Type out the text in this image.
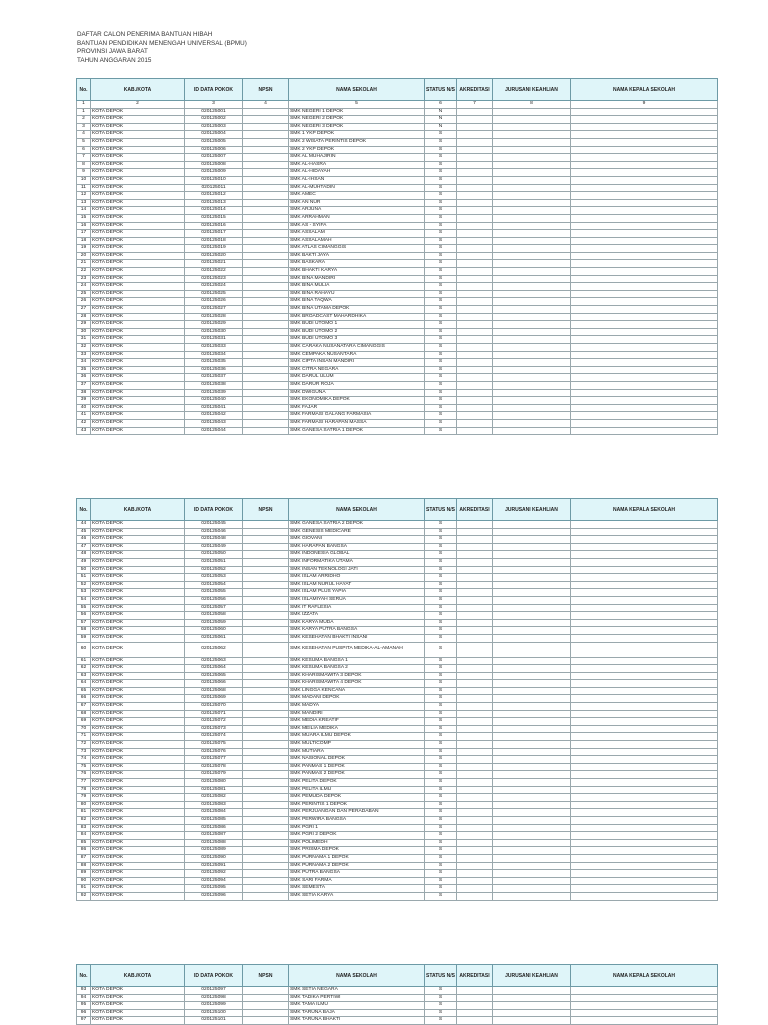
DAFTAR CALON PENERIMA BANTUAN HIBAH
BANTUAN PENDIDIKAN MENENGAH UNIVERSAL (BPMU)
PROVINSI JAWA BARAT
TAHUN ANGGARAN 2015
No.	KAB./KOTA	ID DATA POKOK	NPSN	NAMA SEKOLAH	STATUS N/S	AKREDITASI	JURUSANI KEAHLIAN	NAMA KEPALA SEKOLAH
1	2	3	4	5	6	7	8	9
1	KOTA DEPOK	020125001		SMK NEGERI 1 DEPOK	N			
2	KOTA DEPOK	020125002		SMK NEGERI 2 DEPOK	N			
3	KOTA DEPOK	020125003		SMK NEGERI 3 DEPOK	N			
4	KOTA DEPOK	020125004		SMK 1 YKP DEPOK	S			
5	KOTA DEPOK	020125005		SMK 2 WISATA PERINTIS DEPOK	S			
6	KOTA DEPOK	020125006		SMK 2 YKP DEPOK	S			
7	KOTA DEPOK	020125007		SMK AL MUHAJIRIN	S			
8	KOTA DEPOK	020125008		SMK AL-HASRA	S			
9	KOTA DEPOK	020125009		SMK AL-HIDAYAH	S			
10	KOTA DEPOK	020125010		SMK AL-IHSAN	S			
11	KOTA DEPOK	020125011		SMK AL-MUHTADIN	S			
12	KOTA DEPOK	020125012		SMK AMEC	S			
13	KOTA DEPOK	020125013		SMK AN NUR	S			
14	KOTA DEPOK	020125014		SMK ARJUNA	S			
15	KOTA DEPOK	020125015		SMK ARRAHMAN	S			
16	KOTA DEPOK	020125016		SMK AS - SYIFA	S			
17	KOTA DEPOK	020125017		SMK ASSALAM	S			
18	KOTA DEPOK	020125018		SMK ASSALAMAH	S			
19	KOTA DEPOK	020125019		SMK ATLAS CIMANGGIS	S			
20	KOTA DEPOK	020125020		SMK BAKTI JAYA	S			
21	KOTA DEPOK	020125021		SMK BASKARA	S			
22	KOTA DEPOK	020125022		SMK BHAKTI KARYA	S			
23	KOTA DEPOK	020125023		SMK BINA MANDIRI	S			
24	KOTA DEPOK	020125024		SMK BINA MULIA	S			
25	KOTA DEPOK	020125025		SMK BINA RAHAYU	S			
26	KOTA DEPOK	020125026		SMK BINA TAQWA	S			
27	KOTA DEPOK	020125027		SMK BINA UTAMA DEPOK	S			
28	KOTA DEPOK	020125028		SMK BROADCAST MAHARDHIKA	S			
29	KOTA DEPOK	020125029		SMK BUDI UTOMO 1	S			
30	KOTA DEPOK	020125030		SMK BUDI UTOMO 2	S			
31	KOTA DEPOK	020125031		SMK BUDI UTOMO 3	S			
32	KOTA DEPOK	020125033		SMK CARAKA NUSANATARA CIMANGGIS	S			
33	KOTA DEPOK	020125034		SMK CEMPAKA NUSANTARA	S			
34	KOTA DEPOK	020125035		SMK CIPTA INSAN MANDIRI	S			
35	KOTA DEPOK	020125036		SMK CITRA NEGARA	S			
36	KOTA DEPOK	020125037		SMK DARUL ULUM	S			
37	KOTA DEPOK	020125038		SMK DARUR ROJA	S			
38	KOTA DEPOK	020125039		SMK DWIGUNA	S			
39	KOTA DEPOK	020125040		SMK EKONOMIKA DEPOK	S			
40	KOTA DEPOK	020125041		SMK FAJAR	S			
41	KOTA DEPOK	020125042		SMK FARMASI GALANG FARMASIA	S			
42	KOTA DEPOK	020125043		SMK FARMASI HARAPAN MASSA	S			
43	KOTA DEPOK	020125044		SMK GANESA SATRIA 1 DEPOK	S			
No.	KAB./KOTA	ID DATA POKOK	NPSN	NAMA SEKOLAH	STATUS N/S	AKREDITASI	JURUSANI KEAHLIAN	NAMA KEPALA SEKOLAH
44	KOTA DEPOK	020125045		SMK GANESA SATRIA 2 DEPOK	S			
45	KOTA DEPOK	020125046		SMK GENESIS MEDICARE	S			
46	KOTA DEPOK	020125048		SMK GIOVANI	S			
47	KOTA DEPOK	020125049		SMK HARAPAN BANGSA	S			
48	KOTA DEPOK	020125050		SMK INDONESIA GLOBAL	S			
49	KOTA DEPOK	020125051		SMK INFORMATIKA UTAMA	S			
50	KOTA DEPOK	020125052		SMK INSAN TEKNOLOGI JATI	S			
51	KOTA DEPOK	020125053		SMK ISLAM ARRIDHO	S			
52	KOTA DEPOK	020125054		SMK ISLAM NURUL HAYAT	S			
53	KOTA DEPOK	020125055		SMK ISLAM PLUS YAPIA	S			
54	KOTA DEPOK	020125056		SMK ISLAMIYAH SERUA	S			
55	KOTA DEPOK	020125057		SMK IT RAFLESIA	S			
56	KOTA DEPOK	020125058		SMK IZZATA	S			
57	KOTA DEPOK	020125059		SMK KARYA MUDA	S			
58	KOTA DEPOK	020125060		SMK KARYA PUTRA BANGSA	S			
59	KOTA DEPOK	020125061		SMK KESEHATAN BHAKTI INSANI	S			
60	KOTA DEPOK	020125062		SMK KESEHATAN PUSPITA MEDIKA-AL-AMANAH	S			
61	KOTA DEPOK	020125063		SMK KESUMA BANGSA 1	S			
62	KOTA DEPOK	020125064		SMK KESUMA BANGSA 2	S			
63	KOTA DEPOK	020125065		SMK KHARISMAWITA 3 DEPOK	S			
64	KOTA DEPOK	020125066		SMK KHARISMAWITA 4 DEPOK	S			
65	KOTA DEPOK	020125068		SMK LINGGA KENCANA	S			
66	KOTA DEPOK	020125069		SMK MADANI DEPOK	S			
67	KOTA DEPOK	020125070		SMK MADYA	S			
68	KOTA DEPOK	020125071		SMK MANDIRI	S			
69	KOTA DEPOK	020125072		SMK MEDIA KREATIF	S			
70	KOTA DEPOK	020125073		SMK MEILIA MEDIKA	S			
71	KOTA DEPOK	020125074		SMK MUARA ILMU DEPOK	S			
72	KOTA DEPOK	020125075		SMK MULTICOMP	S			
73	KOTA DEPOK	020125076		SMK MUTIARA	S			
74	KOTA DEPOK	020125077		SMK NASIONAL DEPOK	S			
75	KOTA DEPOK	020125078		SMK PANMAS 1 DEPOK	S			
76	KOTA DEPOK	020125079		SMK PANMAS 2 DEPOK	S			
77	KOTA DEPOK	020125080		SMK PELITA DEPOK	S			
78	KOTA DEPOK	020125081		SMK PELITA ILMU	S			
79	KOTA DEPOK	020125082		SMK PEMUDA DEPOK	S			
80	KOTA DEPOK	020125083		SMK PERINTIS 1 DEPOK	S			
81	KOTA DEPOK	020125084		SMK PERJUANGAN DAN PERADABAN	S			
82	KOTA DEPOK	020125085		SMK PERWIRA BANGSA	S			
83	KOTA DEPOK	020125086		SMK PGRI 1	S			
84	KOTA DEPOK	020125087		SMK PGRI 2 DEPOK	S			
85	KOTA DEPOK	020125088		SMK POLIMEDH	S			
86	KOTA DEPOK	020125089		SMK PRISMA DEPOK	S			
87	KOTA DEPOK	020125090		SMK PURNAMA 1 DEPOK	S			
88	KOTA DEPOK	020125091		SMK PURNAMA 2 DEPOK	S			
89	KOTA DEPOK	020125092		SMK PUTRA BANGSA	S			
90	KOTA DEPOK	020125094		SMK SARI FARMA	S			
91	KOTA DEPOK	020125095		SMK SEMESTA	S			
92	KOTA DEPOK	020125096		SMK SETIA KARYA	S			
No.	KAB./KOTA	ID DATA POKOK	NPSN	NAMA SEKOLAH	STATUS N/S	AKREDITASI	JURUSANI KEAHLIAN	NAMA KEPALA SEKOLAH
93	KOTA DEPOK	020125097		SMK SETIA NEGARA	S			
94	KOTA DEPOK	020125098		SMK TADIKA PERTIWI	S			
95	KOTA DEPOK	020125099		SMK TAMA ILMU	S			
96	KOTA DEPOK	020125100		SMK TARUNA BAJA	S			
97	KOTA DEPOK	020125101		SMK TARUNA BHAKTI	S			
